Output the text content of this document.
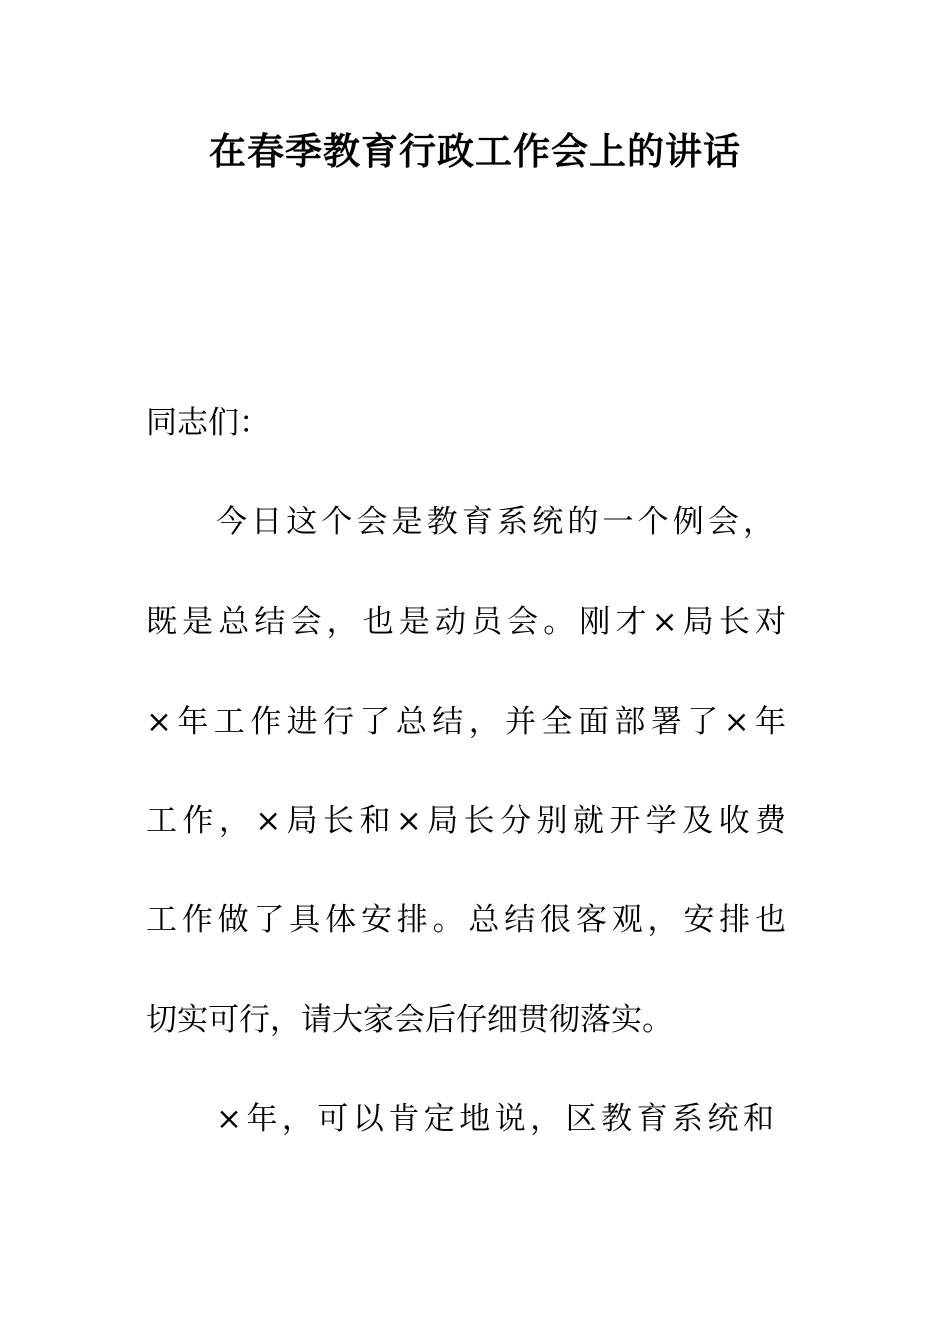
在春季教育行政工作会上的讲话

同志们：

今日这个会是教育系统的一个例会，

既是总结会，也是动员会。刚才×局长对

×年工作进行了总结，并全面部署了×年

工作，×局长和×局长分别就开学及收费

工作做了具体安排。总结很客观，安排也

切实可行，请大家会后仔细贯彻落实。

×年，可以肯定地说，区教育系统和
